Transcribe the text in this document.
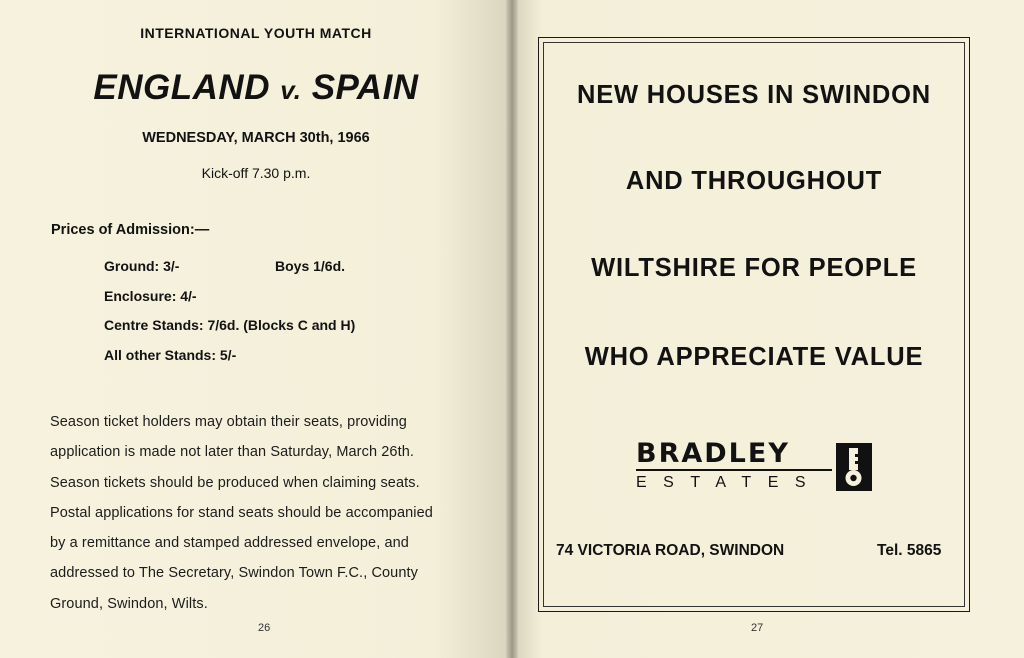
INTERNATIONAL YOUTH MATCH
ENGLAND v. SPAIN
WEDNESDAY, MARCH 30th, 1966
Kick-off 7.30 p.m.
Prices of Admission:—
Ground: 3/-	Boys 1/6d.
Enclosure: 4/-
Centre Stands: 7/6d. (Blocks C and H)
All other Stands: 5/-
Season ticket holders may obtain their seats, providing
application is made not later than Saturday, March 26th.
Season tickets should be produced when claiming seats.
Postal applications for stand seats should be accompanied
by a remittance and stamped addressed envelope, and
addressed to The Secretary, Swindon Town F.C., County
Ground, Swindon, Wilts.
26
NEW HOUSES IN SWINDON
AND THROUGHOUT
WILTSHIRE FOR PEOPLE
WHO APPRECIATE VALUE
BRADLEY
ESTATES
74 VICTORIA ROAD, SWINDON	Tel. 5865
27
